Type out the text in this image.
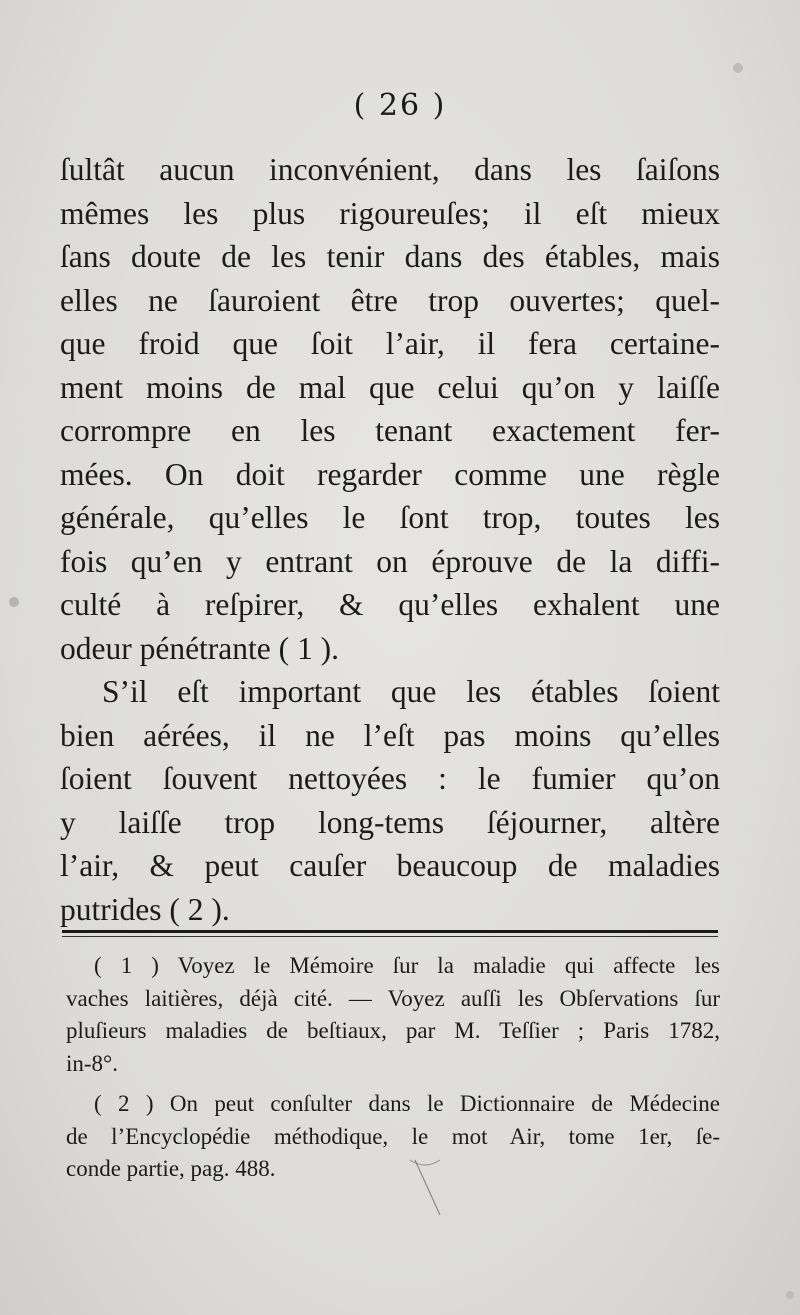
( 26 )
ſultât aucun inconvénient, dans les ſaiſons
mêmes les plus rigoureuſes; il eſt mieux
ſans doute de les tenir dans des étables, mais
elles ne ſauroient être trop ouvertes; quel-
que froid que ſoit l’air, il fera certaine-
ment moins de mal que celui qu’on y laiſſe
corrompre en les tenant exactement fer-
mées. On doit regarder comme une règle
générale, qu’elles le ſont trop, toutes les
fois qu’en y entrant on éprouve de la diffi-
culté à reſpirer, & qu’elles exhalent une
odeur pénétrante ( 1 ).
S’il eſt important que les étables ſoient
bien aérées, il ne l’eſt pas moins qu’elles
ſoient ſouvent nettoyées : le fumier qu’on
y laiſſe trop long-tems ſéjourner, altère
l’air, & peut cauſer beaucoup de maladies
putrides ( 2 ).
( 1 ) Voyez le Mémoire ſur la maladie qui affecte les
vaches laitières, déjà cité. — Voyez auſſi les Obſervations ſur
pluſieurs maladies de beſtiaux, par M. Teſſier ; Paris 1782,
in-8°.
( 2 ) On peut conſulter dans le Dictionnaire de Médecine
de l’Encyclopédie méthodique, le mot Air, tome 1er, ſe-
conde partie, pag. 488.
